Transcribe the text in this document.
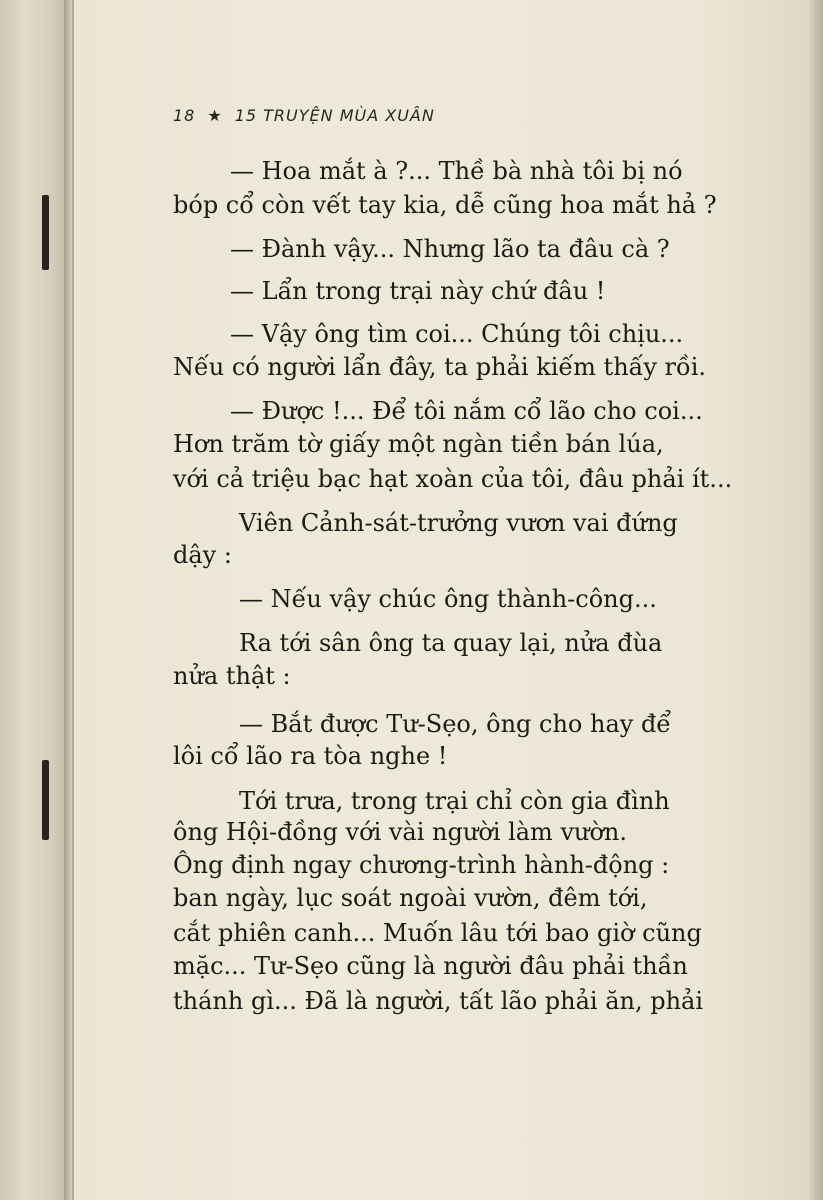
18 ★ 15 TRUYỆN MÙA XUÂN
— Hoa mắt à ?... Thề bà nhà tôi bị nó
bóp cổ còn vết tay kia, dễ cũng hoa mắt hả ?
— Đành vậy... Nhưng lão ta đâu cà ?
— Lẩn trong trại này chứ đâu !
— Vậy ông tìm coi... Chúng tôi chịu...
Nếu có người lẩn đây, ta phải kiếm thấy rồi.
— Được !... Để tôi nắm cổ lão cho coi...
Hơn trăm tờ giấy một ngàn tiền bán lúa,
với cả triệu bạc hạt xoàn của tôi, đâu phải ít...
Viên Cảnh-sát-trưởng vươn vai đứng
dậy :
— Nếu vậy chúc ông thành-công...
Ra tới sân ông ta quay lại, nửa đùa
nửa thật :
— Bắt được Tư-Sẹo, ông cho hay để
lôi cổ lão ra tòa nghe !
Tới trưa, trong trại chỉ còn gia đình
ông Hội-đồng với vài người làm vườn.
Ông định ngay chương-trình hành-động :
ban ngày, lục soát ngoài vườn, đêm tới,
cắt phiên canh... Muốn lâu tới bao giờ cũng
mặc... Tư-Sẹo cũng là người đâu phải thần
thánh gì... Đã là người, tất lão phải ăn, phải
